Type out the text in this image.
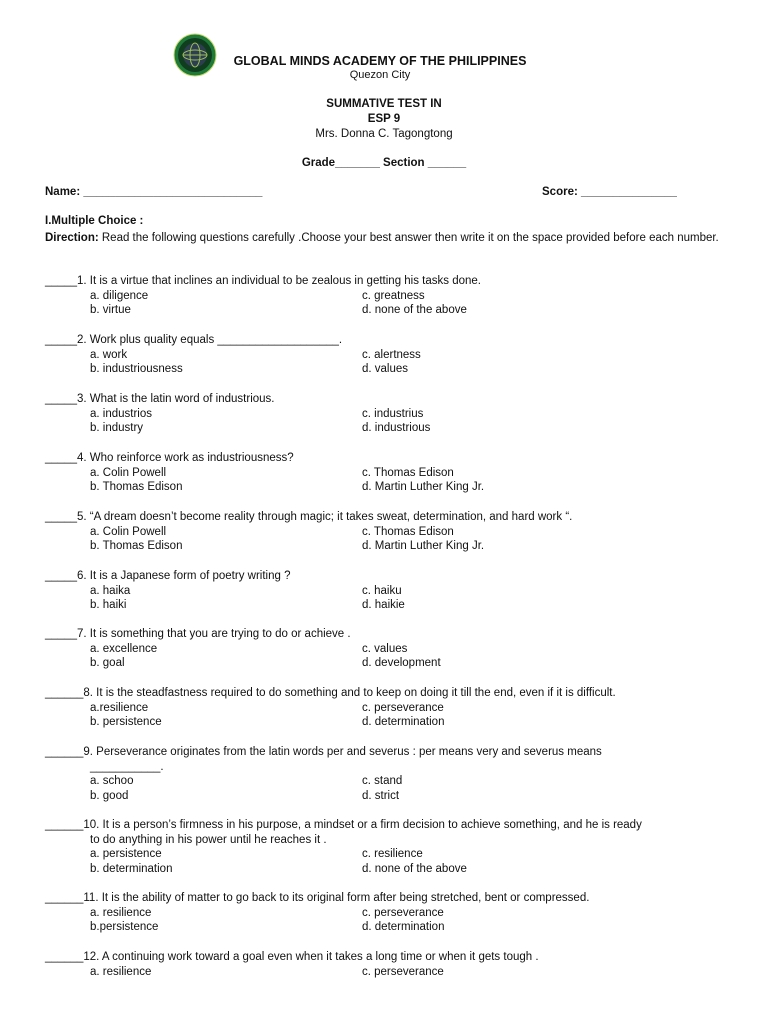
GLOBAL MINDS ACADEMY OF THE PHILIPPINES
Quezon City
SUMMATIVE TEST IN
ESP 9
Mrs. Donna C. Tagongtong
Grade_______ Section ______
Name: ____________________________	Score: _______________
I.Multiple Choice :
Direction: Read the following questions carefully .Choose your best answer then write it on the space provided before each number.
_____1. It is a virtue that inclines an individual to be zealous in getting his tasks done.
a. diligence	c. greatness
b. virtue	d. none of the above
_____2. Work plus quality equals ___________________.
a. work	c. alertness
b. industriousness	d. values
_____3. What is the latin word of industrious.
a. industrios	c. industrius
b. industry	d. industrious
_____4. Who reinforce work as industriousness?
a. Colin Powell	c. Thomas Edison
b. Thomas Edison	d. Martin Luther King Jr.
_____5. “A dream doesn’t become reality through magic; it takes sweat, determination, and hard work “.
a. Colin Powell	c. Thomas Edison
b. Thomas Edison	d. Martin Luther King Jr.
_____6. It is a Japanese form of poetry writing ?
a. haika	c. haiku
b. haiki	d. haikie
_____7. It is something that you are trying to do or achieve .
a. excellence	c. values
b. goal	d. development
______8. It is the steadfastness required to do something and to keep on doing it till the end, even if it is difficult.
a.resilience	c. perseverance
b. persistence	d. determination
______9. Perseverance originates from the latin words per and severus : per means very and severus means
___________.
a. schoo	c. stand
b. good	d. strict
______10. It is a person’s firmness in his purpose, a mindset or a firm decision to achieve something, and he is ready
to do anything in his power until he reaches it .
a. persistence	c. resilience
b. determination	d. none of the above
______11. It is the ability of matter to go back to its original form after being stretched, bent or compressed.
a. resilience	c. perseverance
b.persistence	d. determination
______12. A continuing work toward a goal even when it takes a long time or when it gets tough .
a. resilience	c. perseverance
